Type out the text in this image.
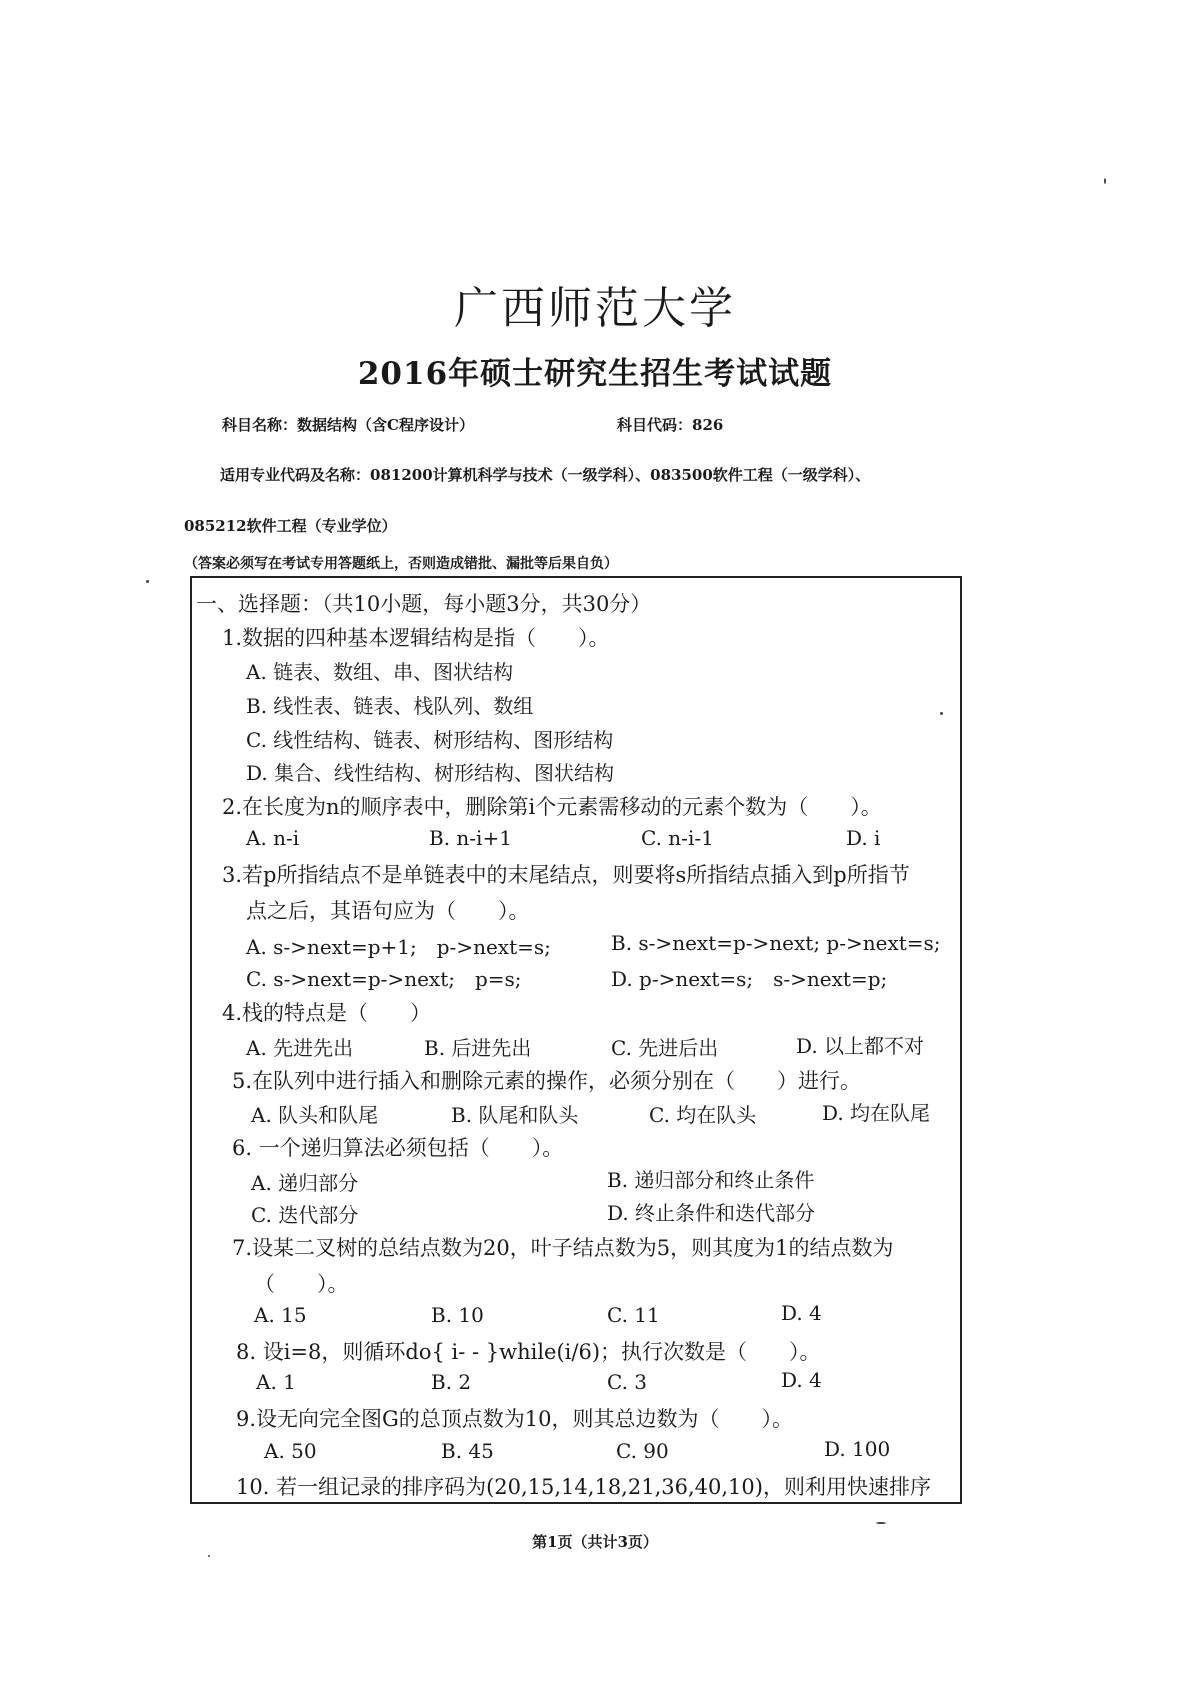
广西师范大学
2016年硕士研究生招生考试试题
科目名称：数据结构（含C程序设计）	科目代码：826
适用专业代码及名称：081200计算机科学与技术（一级学科）、083500软件工程（一级学科）、
085212软件工程（专业学位）
（答案必须写在考试专用答题纸上，否则造成错批、漏批等后果自负）
一、选择题：（共10小题，每小题3分，共30分）
1.数据的四种基本逻辑结构是指（　　）。
A. 链表、数组、串、图状结构
B. 线性表、链表、栈队列、数组
C. 线性结构、链表、树形结构、图形结构
D. 集合、线性结构、树形结构、图状结构
2.在长度为n的顺序表中，删除第i个元素需移动的元素个数为（　　）。
A. n-i	B. n-i+1	C. n-i-1	D. i
3.若p所指结点不是单链表中的末尾结点，则要将s所指结点插入到p所指节
点之后，其语句应为（　　）。
A. s->next=p+1;　p->next=s;	B. s->next=p->next; p->next=s;
C. s->next=p->next;　p=s;	D. p->next=s;　s->next=p;
4.栈的特点是（　　）
A. 先进先出	B. 后进先出	C. 先进后出	D. 以上都不对
5.在队列中进行插入和删除元素的操作，必须分别在（　　）进行。
A. 队头和队尾	B. 队尾和队头	C. 均在队头	D. 均在队尾
6. 一个递归算法必须包括（　　）。
A. 递归部分	B. 递归部分和终止条件
C. 迭代部分	D. 终止条件和迭代部分
7.设某二叉树的总结点数为20，叶子结点数为5，则其度为1的结点数为
（　　）。
A. 15	B. 10	C. 11	D. 4
8. 设i=8，则循环do{ i- - }while(i/6)；执行次数是（　　）。
A. 1	B. 2	C. 3	D. 4
9.设无向完全图G的总顶点数为10，则其总边数为（　　）。
A. 50	B. 45	C. 90	D. 100
10. 若一组记录的排序码为(20,15,14,18,21,36,40,10)，则利用快速排序
第1页（共计3页）
